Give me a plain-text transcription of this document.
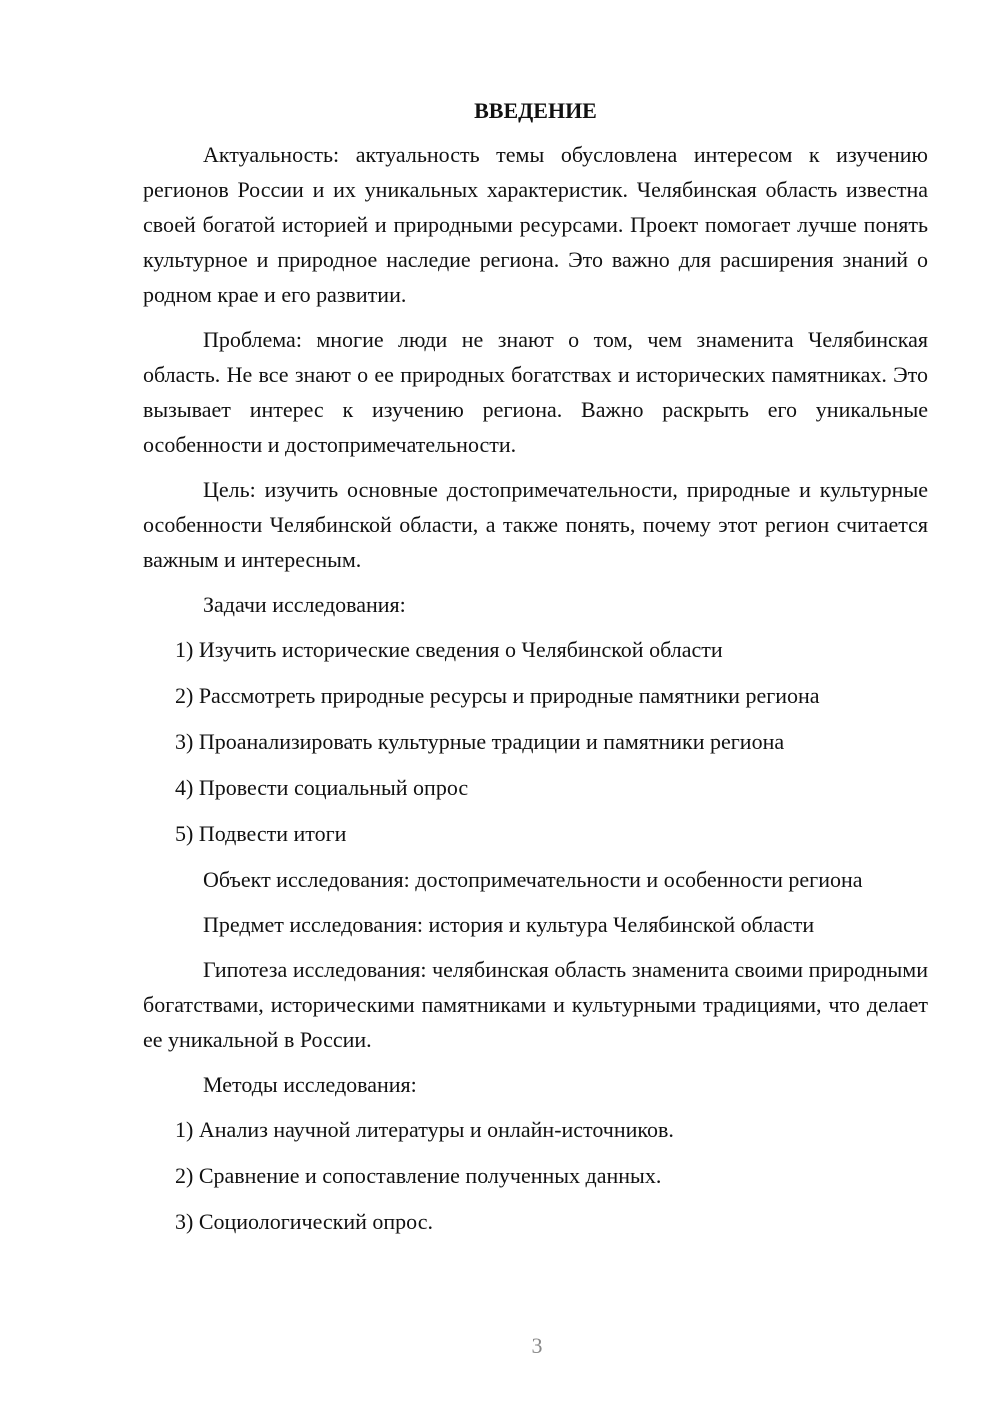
ВВЕДЕНИЕ

Актуальность: актуальность темы обусловлена интересом к изучению регионов России и их уникальных характеристик. Челябинская область известна своей богатой историей и природными ресурсами. Проект помогает лучше понять культурное и природное наследие региона. Это важно для расширения знаний о родном крае и его развитии.

Проблема: многие люди не знают о том, чем знаменита Челябинская область. Не все знают о ее природных богатствах и исторических памятниках. Это вызывает интерес к изучению региона. Важно раскрыть его уникальные особенности и достопримечательности.

Цель: изучить основные достопримечательности, природные и культурные особенности Челябинской области, а также понять, почему этот регион считается важным и интересным.

Задачи исследования:

1) Изучить исторические сведения о Челябинской области
2) Рассмотреть природные ресурсы и природные памятники региона
3) Проанализировать культурные традиции и памятники региона
4) Провести социальный опрос
5) Подвести итоги

Объект исследования: достопримечательности и особенности региона

Предмет исследования: история и культура Челябинской области

Гипотеза исследования: челябинская область знаменита своими природными богатствами, историческими памятниками и культурными традициями, что делает ее уникальной в России.

Методы исследования:

1) Анализ научной литературы и онлайн-источников.
2) Сравнение и сопоставление полученных данных.
3) Социологический опрос.
3
